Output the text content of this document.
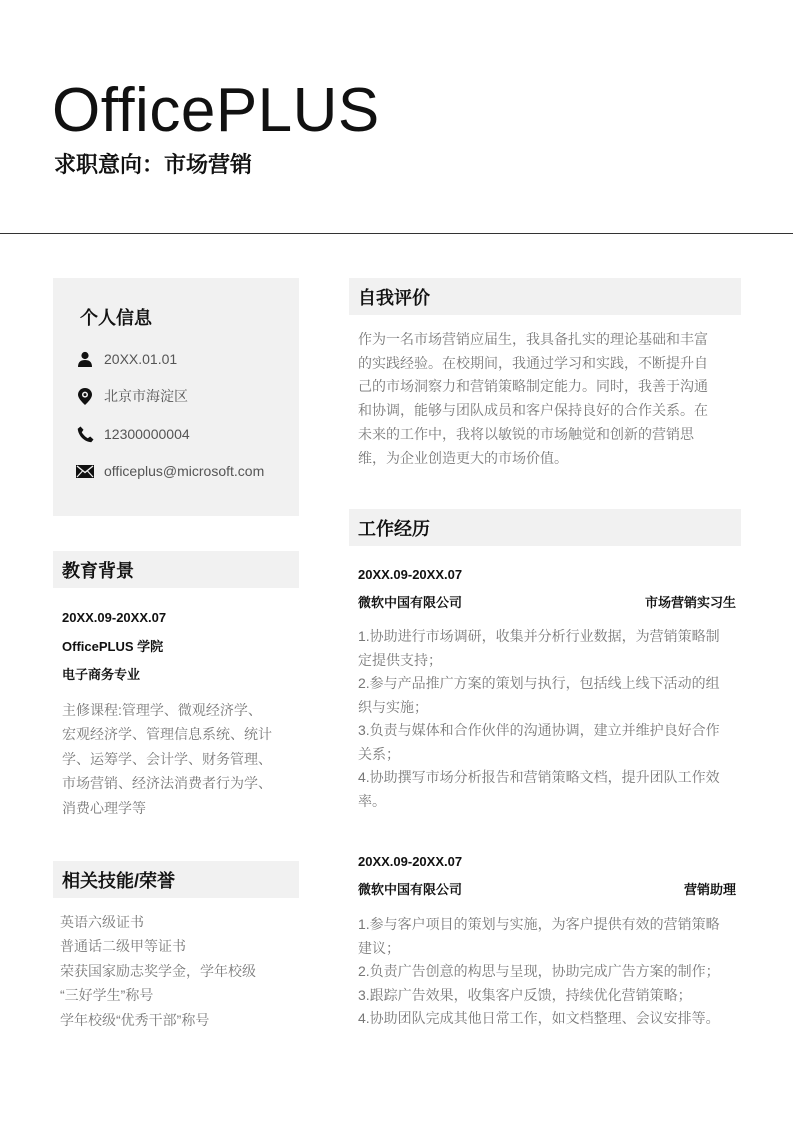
OfficePLUS
求职意向：市场营销
个人信息
20XX.01.01
北京市海淀区
12300000004
officeplus@microsoft.com
教育背景
20XX.09-20XX.07
OfficePLUS 学院
电子商务专业
主修课程:管理学、微观经济学、
宏观经济学、管理信息系统、统计
学、运筹学、会计学、财务管理、
市场营销、经济法消费者行为学、
消费心理学等
相关技能/荣誉
英语六级证书
普通话二级甲等证书
荣获国家励志奖学金，学年校级
“三好学生”称号
学年校级“优秀干部”称号
自我评价
作为一名市场营销应届生，我具备扎实的理论基础和丰富
的实践经验。在校期间，我通过学习和实践，不断提升自
己的市场洞察力和营销策略制定能力。同时，我善于沟通
和协调，能够与团队成员和客户保持良好的合作关系。在
未来的工作中，我将以敏锐的市场触觉和创新的营销思
维，为企业创造更大的市场价值。
工作经历
20XX.09-20XX.07
微软中国有限公司	市场营销实习生
1.协助进行市场调研，收集并分析行业数据，为营销策略制
定提供支持；
2.参与产品推广方案的策划与执行，包括线上线下活动的组
织与实施；
3.负责与媒体和合作伙伴的沟通协调，建立并维护良好合作
关系；
4.协助撰写市场分析报告和营销策略文档，提升团队工作效
率。
20XX.09-20XX.07
微软中国有限公司	营销助理
1.参与客户项目的策划与实施，为客户提供有效的营销策略
建议；
2.负责广告创意的构思与呈现，协助完成广告方案的制作；
3.跟踪广告效果，收集客户反馈，持续优化营销策略；
4.协助团队完成其他日常工作，如文档整理、会议安排等。
